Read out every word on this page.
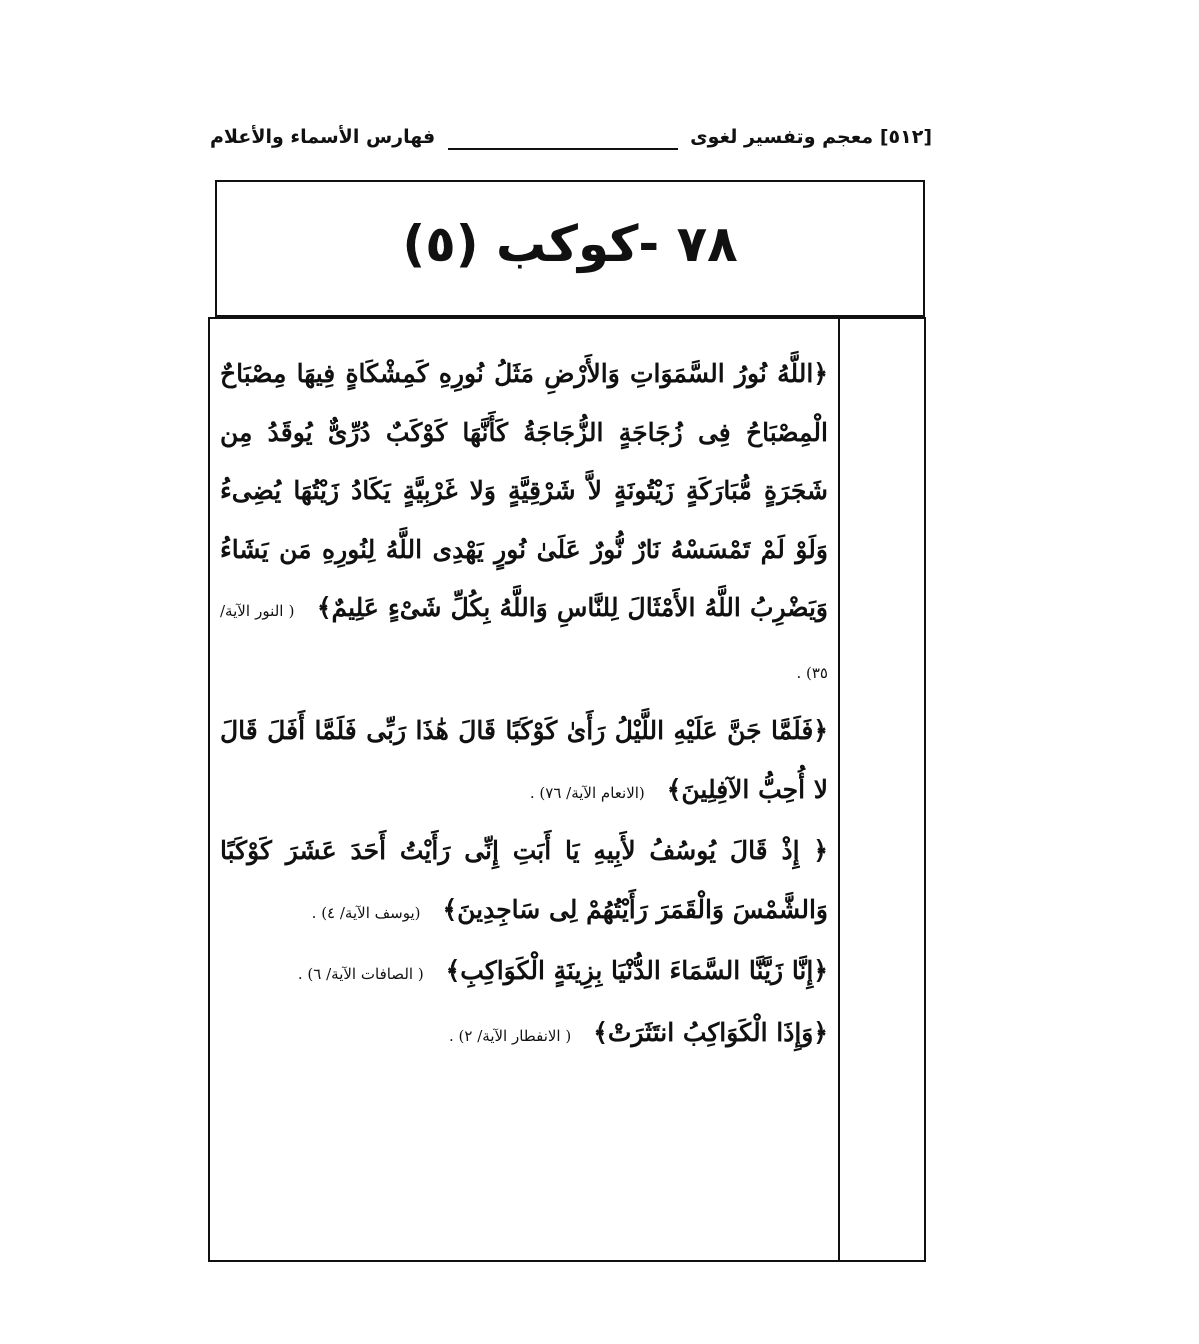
[٥١٢] معجم وتفسير لغوى
فهارس الأسماء والأعلام
٧٨ -كوكب (٥)

﴿اللَّهُ نُورُ السَّمَوَاتِ وَالأَرْضِ مَثَلُ نُورِهِ كَمِشْكَاةٍ فِيهَا مِصْبَاحٌ الْمِصْبَاحُ فِى زُجَاجَةٍ الزُّجَاجَةُ كَأَنَّهَا كَوْكَبٌ دُرِّىٌّ يُوقَدُ مِن شَجَرَةٍ مُّبَارَكَةٍ زَيْتُونَةٍ لاَّ شَرْقِيَّةٍ وَلا غَرْبِيَّةٍ يَكَادُ زَيْتُهَا يُضِىءُ وَلَوْ لَمْ تَمْسَسْهُ نَارٌ نُّورٌ عَلَىٰ نُورٍ يَهْدِى اللَّهُ لِنُورِهِ مَن يَشَاءُ وَيَضْرِبُ اللَّهُ الأَمْثَالَ لِلنَّاسِ وَاللَّهُ بِكُلِّ شَىْءٍ عَلِيمٌ﴾ ( النور الآية/ ٣٥) .

﴿فَلَمَّا جَنَّ عَلَيْهِ اللَّيْلُ رَأَىٰ كَوْكَبًا قَالَ هَٰذَا رَبِّى فَلَمَّا أَفَلَ قَالَ لا أُحِبُّ الآفِلِينَ﴾ (الانعام الآية/ ٧٦) .

﴿ إِذْ قَالَ يُوسُفُ لأَبِيهِ يَا أَبَتِ إِنِّى رَأَيْتُ أَحَدَ عَشَرَ كَوْكَبًا وَالشَّمْسَ وَالْقَمَرَ رَأَيْتُهُمْ لِى سَاجِدِينَ﴾ (يوسف الآية/ ٤) .

﴿إِنَّا زَيَّنَّا السَّمَاءَ الدُّنْيَا بِزِينَةٍ الْكَوَاكِبِ﴾ ( الصافات الآية/ ٦) .

﴿وَإِذَا الْكَوَاكِبُ انتَثَرَتْ﴾ ( الانفطار الآية/ ٢) .
